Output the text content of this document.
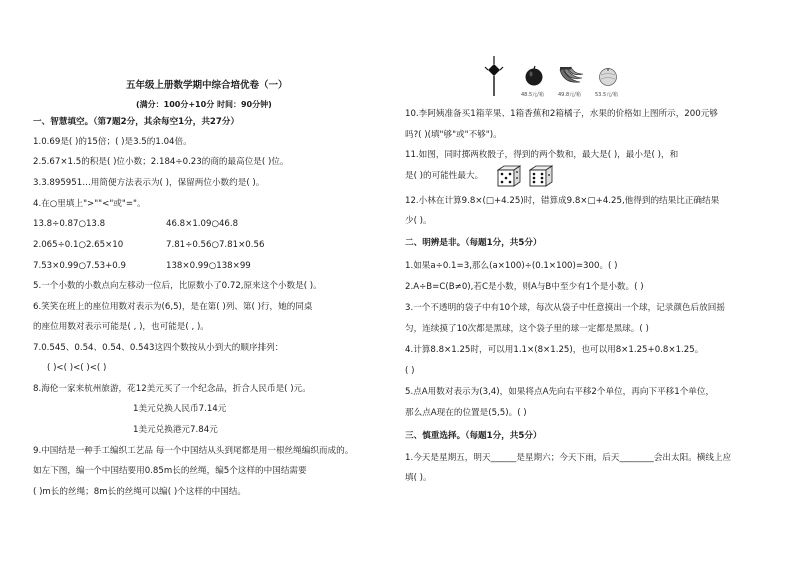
五年级上册数学期中综合培优卷（一）
(满分：100分+10分 时间：90分钟)
一、智慧填空。（第7题2分，其余每空1分，共27分）
1.0.69是( )的15倍；( )是3.5的1.04倍。
2.5.67×1.5的积是( )位小数；2.184÷0.23的商的最高位是( )位。
3.3.895951…用简便方法表示为( )，保留两位小数约是( )。
4.在○里填上">""<"或"="。
13.8÷0.87○13.8	46.8×1.09○46.8
2.065÷0.1○2.65×10	7.81÷0.56○7.81×0.56
7.53×0.99○7.53+0.9	138×0.99○138×99
5.一个小数的小数点向左移动一位后，比原数小了0.72,原来这个小数是( )。
6.笑笑在班上的座位用数对表示为(6,5)，是在第( )列、第( )行，她的同桌
的座位用数对表示可能是( , )，也可能是( , )。
7.0.545、0.54、0.54、0.543这四个数按从小到大的顺序排列：
( )<( )<( )<( )
8.海伦一家来杭州旅游，花12美元买了一个纪念品，折合人民币是( )元。
1美元兑换人民币7.14元
1美元兑换港元7.84元
9.中国结是一种手工编织工艺品 每一个中国结从头到尾都是用一根丝绳编织而成的。
如左下图，编一个中国结要用0.85m长的丝绳，编5个这样的中国结需要
( )m长的丝绳；8m长的丝绳可以编( )个这样的中国结。
48.5元/箱	49.8元/箱	53.5元/箱
10.李阿姨准备买1箱苹果、1箱香蕉和2箱橘子，水果的价格如上图所示，200元够
吗?( )(填"够"或"不够")。
11.如图，同时掷两枚骰子，得到的两个数和，最大是( )，最小是( )，和
是( )的可能性最大。
12.小林在计算9.8×(□+4.25)时，错算成9.8×□+4.25,他得到的结果比正确结果
少( )。
二、明辨是非。（每题1分，共5分）
1.如果a÷0.1=3,那么(a×100)÷(0.1×100)=300。( )
2.A÷B=C(B≠0),若C是小数，则A与B中至少有1个是小数。( )
3.一个不透明的袋子中有10个球，每次从袋子中任意摸出一个球，记录颜色后放回摇
匀，连续摸了10次都是黑球，这个袋子里的球一定都是黑球。( )
4.计算8.8×1.25时，可以用1.1×(8×1.25)，也可以用8×1.25+0.8×1.25。
( )
5.点A用数对表示为(3,4)，如果将点A先向右平移2个单位，再向下平移1个单位，
那么点A现在的位置是(5,5)。( )
三、慎重选择。（每题1分，共5分）
1.今天是星期五，明天______是星期六；今天下雨，后天________会出太阳。横线上应
填( )。
